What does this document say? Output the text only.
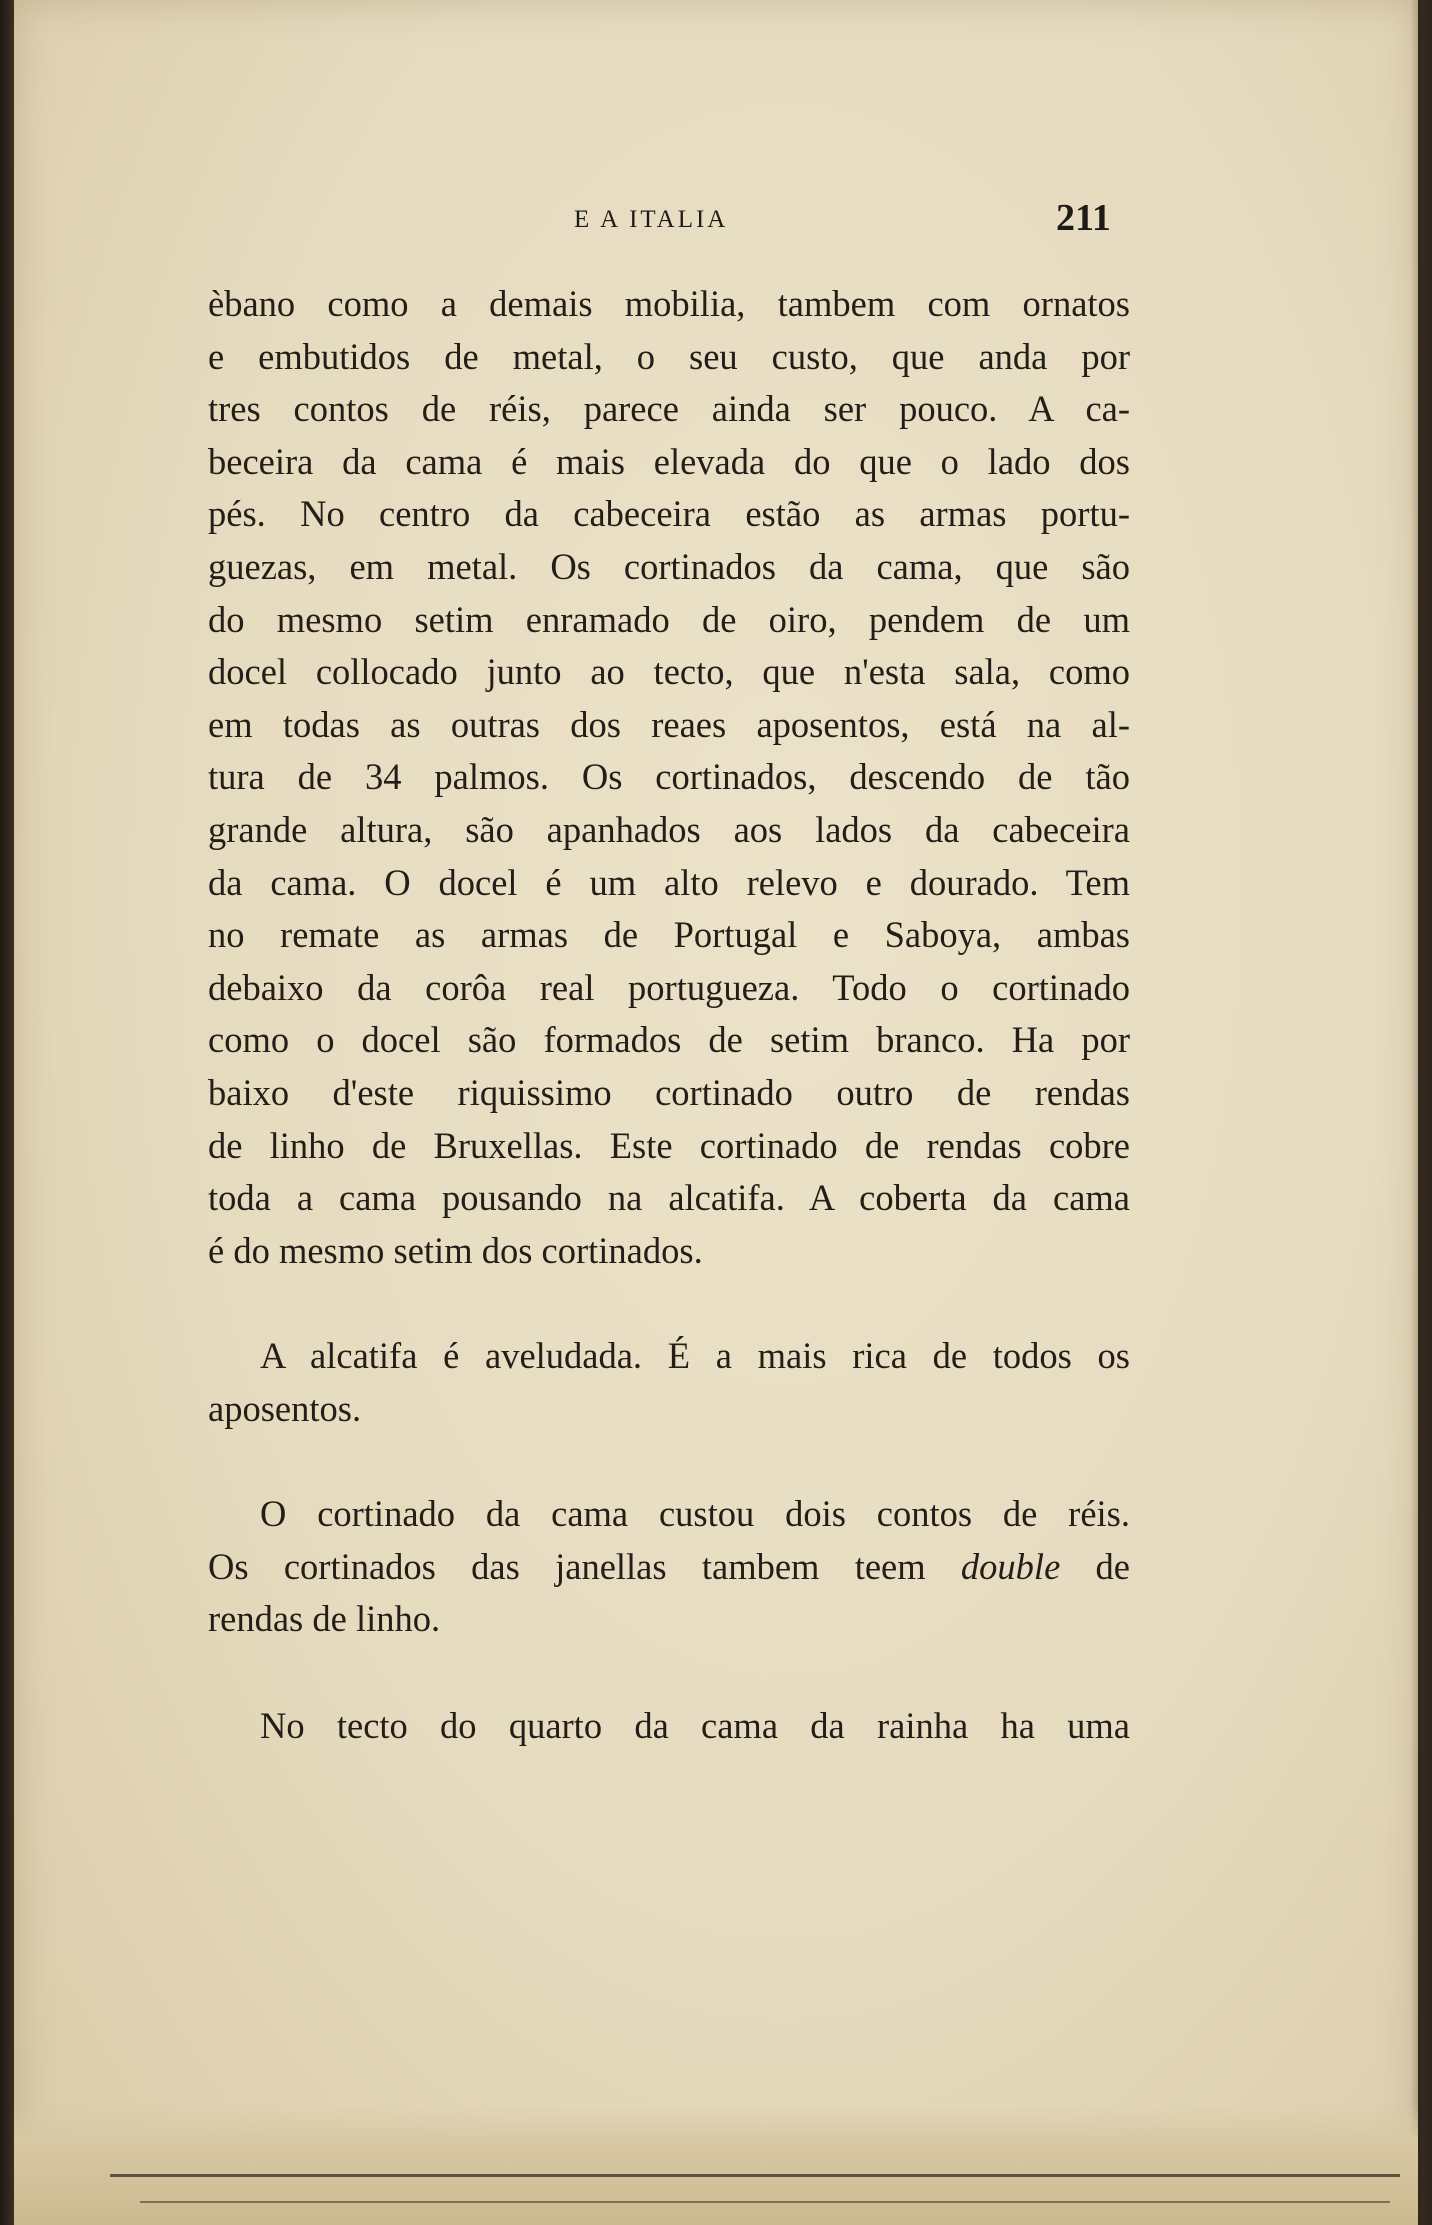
E A ITALIA	211
èbano como a demais mobilia, tambem com ornatos
e embutidos de metal, o seu custo, que anda por
tres contos de réis, parece ainda ser pouco. A ca-
beceira da cama é mais elevada do que o lado dos
pés. No centro da cabeceira estão as armas portu-
guezas, em metal. Os cortinados da cama, que são
do mesmo setim enramado de oiro, pendem de um
docel collocado junto ao tecto, que n'esta sala, como
em todas as outras dos reaes aposentos, está na al-
tura de 34 palmos. Os cortinados, descendo de tão
grande altura, são apanhados aos lados da cabeceira
da cama. O docel é um alto relevo e dourado. Tem
no remate as armas de Portugal e Saboya, ambas
debaixo da corôa real portugueza. Todo o cortinado
como o docel são formados de setim branco. Ha por
baixo d'este riquissimo cortinado outro de rendas
de linho de Bruxellas. Este cortinado de rendas cobre
toda a cama pousando na alcatifa. A coberta da cama
é do mesmo setim dos cortinados.
A alcatifa é aveludada. É a mais rica de todos os
aposentos.
O cortinado da cama custou dois contos de réis.
Os cortinados das janellas tambem teem double de
rendas de linho.
No tecto do quarto da cama da rainha ha uma
